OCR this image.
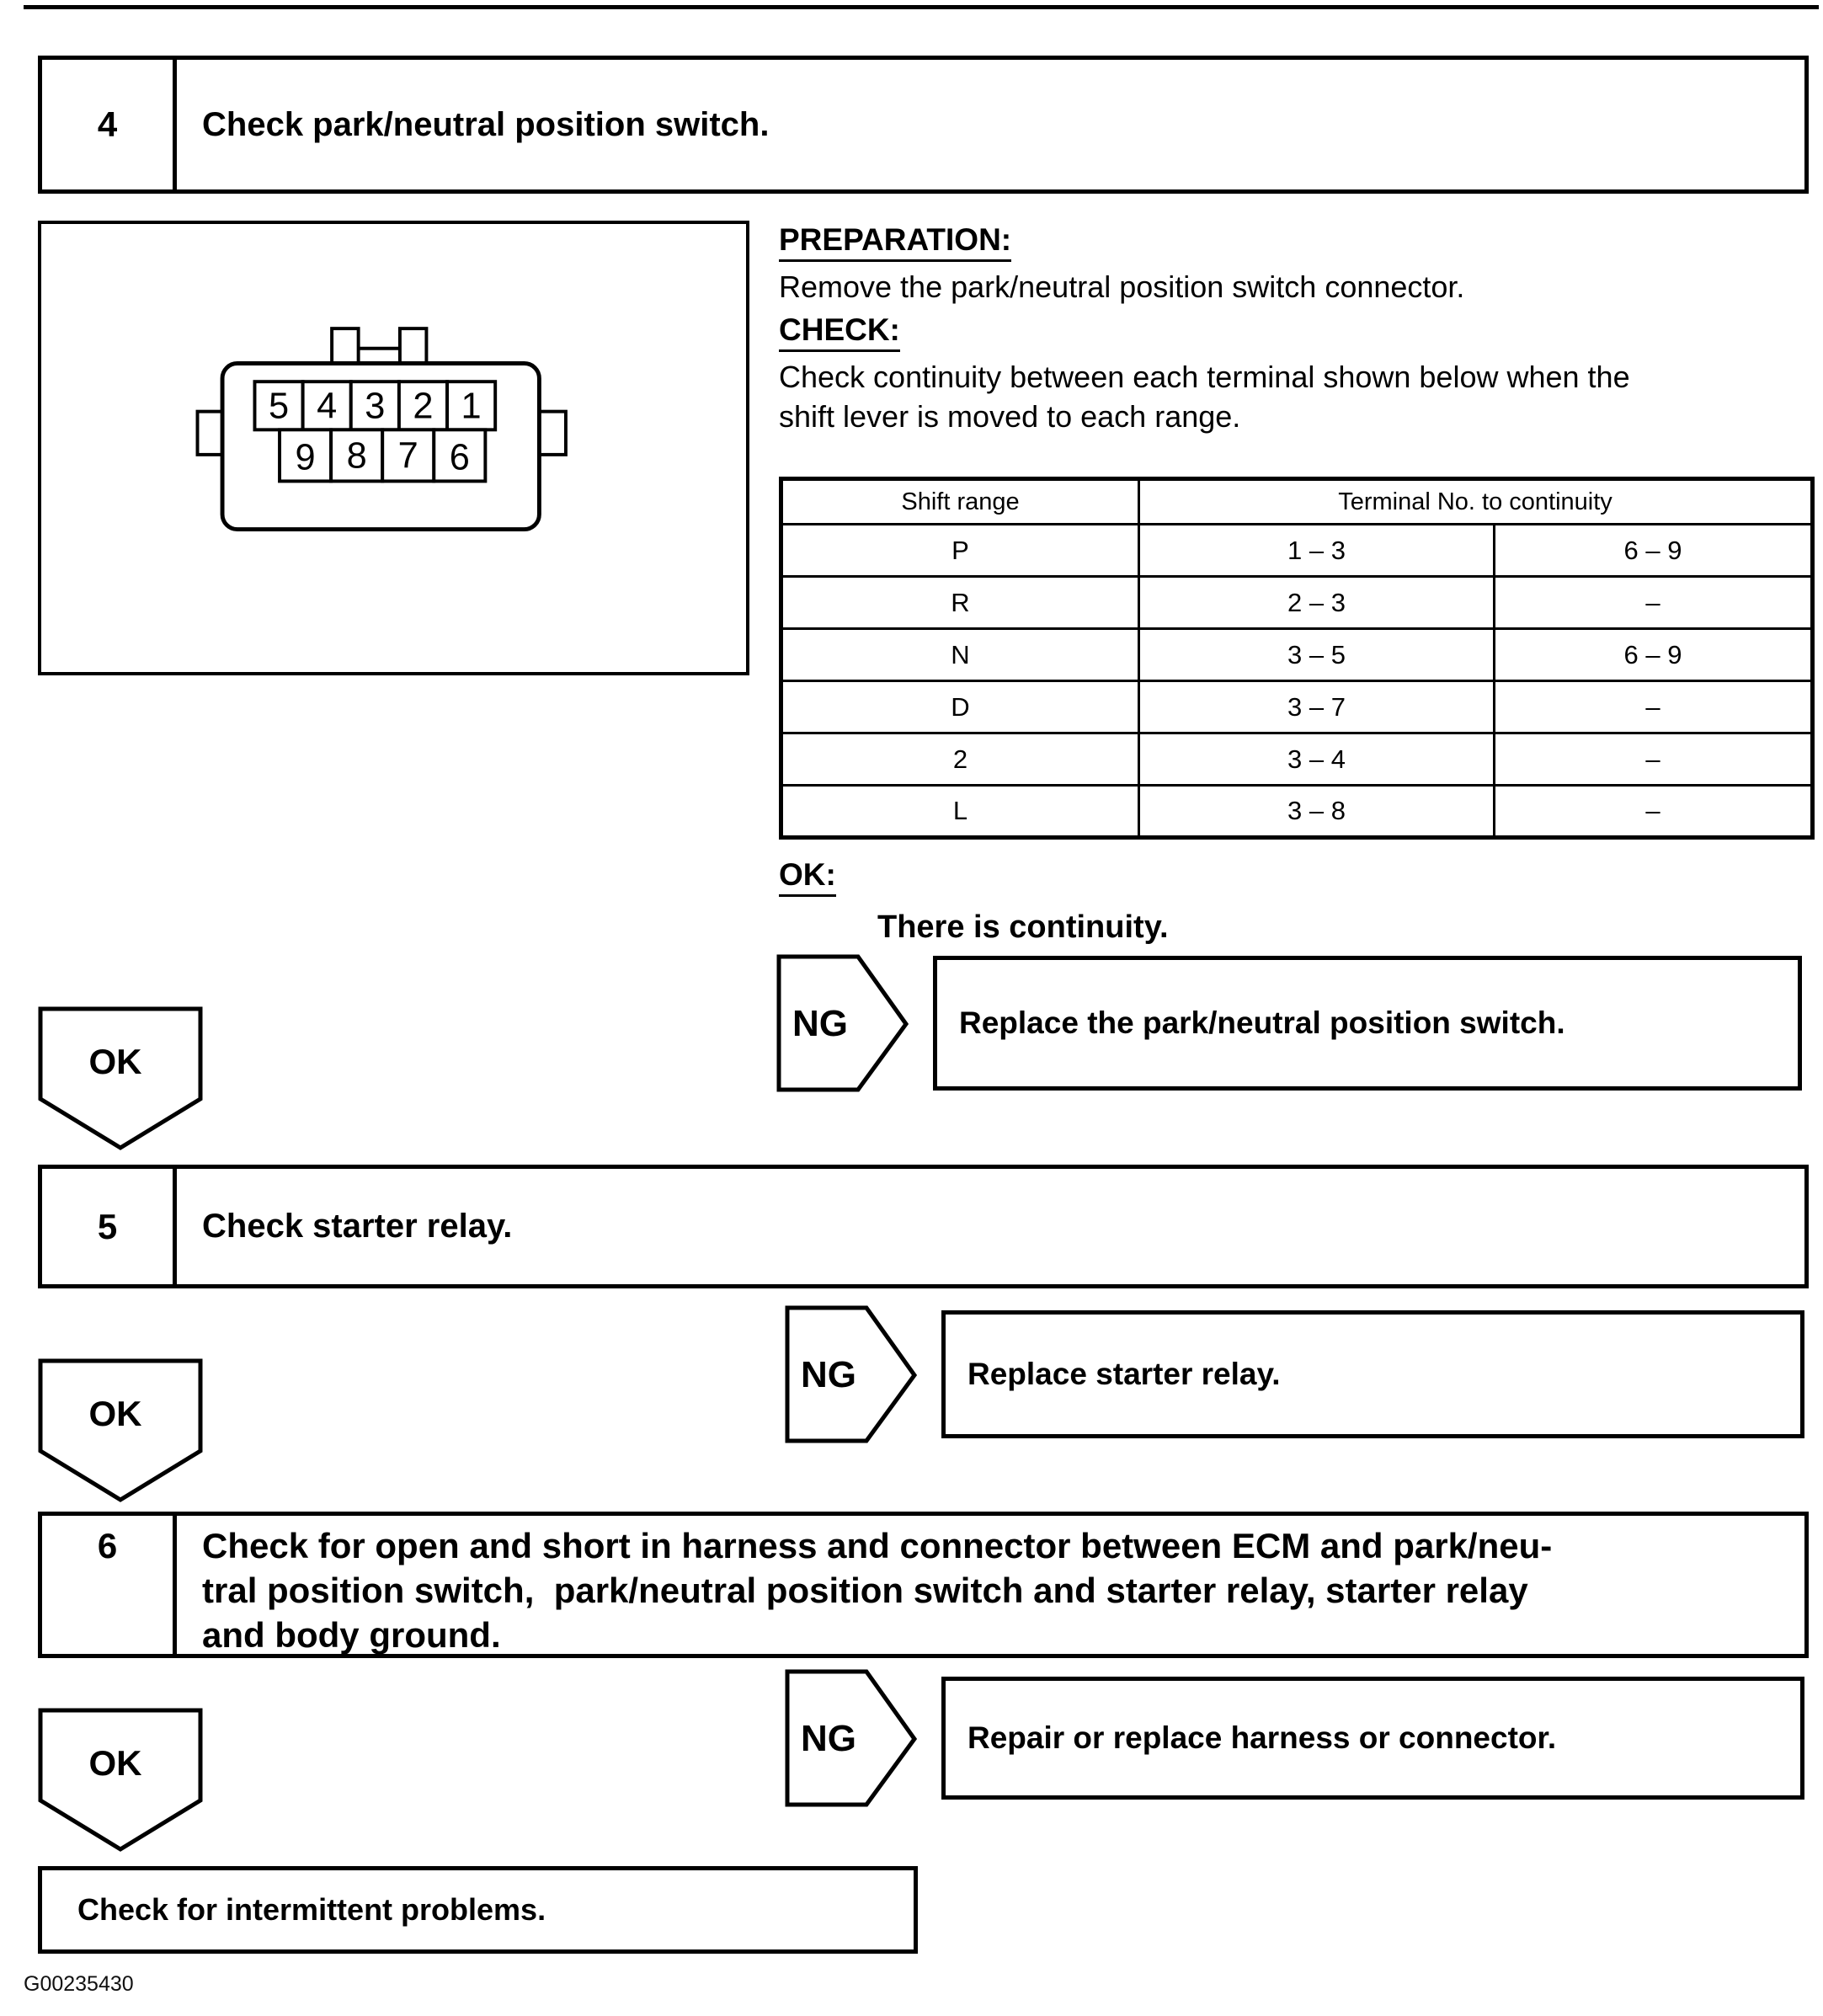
4	Check park/neutral position switch.
5 4 3 2 1
9 8 7 6
PREPARATION:
Remove the park/neutral position switch connector.
CHECK:
Check continuity between each terminal shown below when the
shift lever is moved to each range.
Shift range	Terminal No. to continuity	
P	1 – 3	6 – 9
R	2 – 3	–
N	3 – 5	6 – 9
D	3 – 7	–
2	3 – 4	–
L	3 – 8	–
OK:
There is continuity.
NG	Replace the park/neutral position switch.
OK
5	Check starter relay.
NG	Replace starter relay.
OK
6	Check for open and short in harness and connector between ECM and park/neu-
tral position switch,  park/neutral position switch and starter relay, starter relay
and body ground.
NG	Repair or replace harness or connector.
OK
Check for intermittent problems.
G00235430
